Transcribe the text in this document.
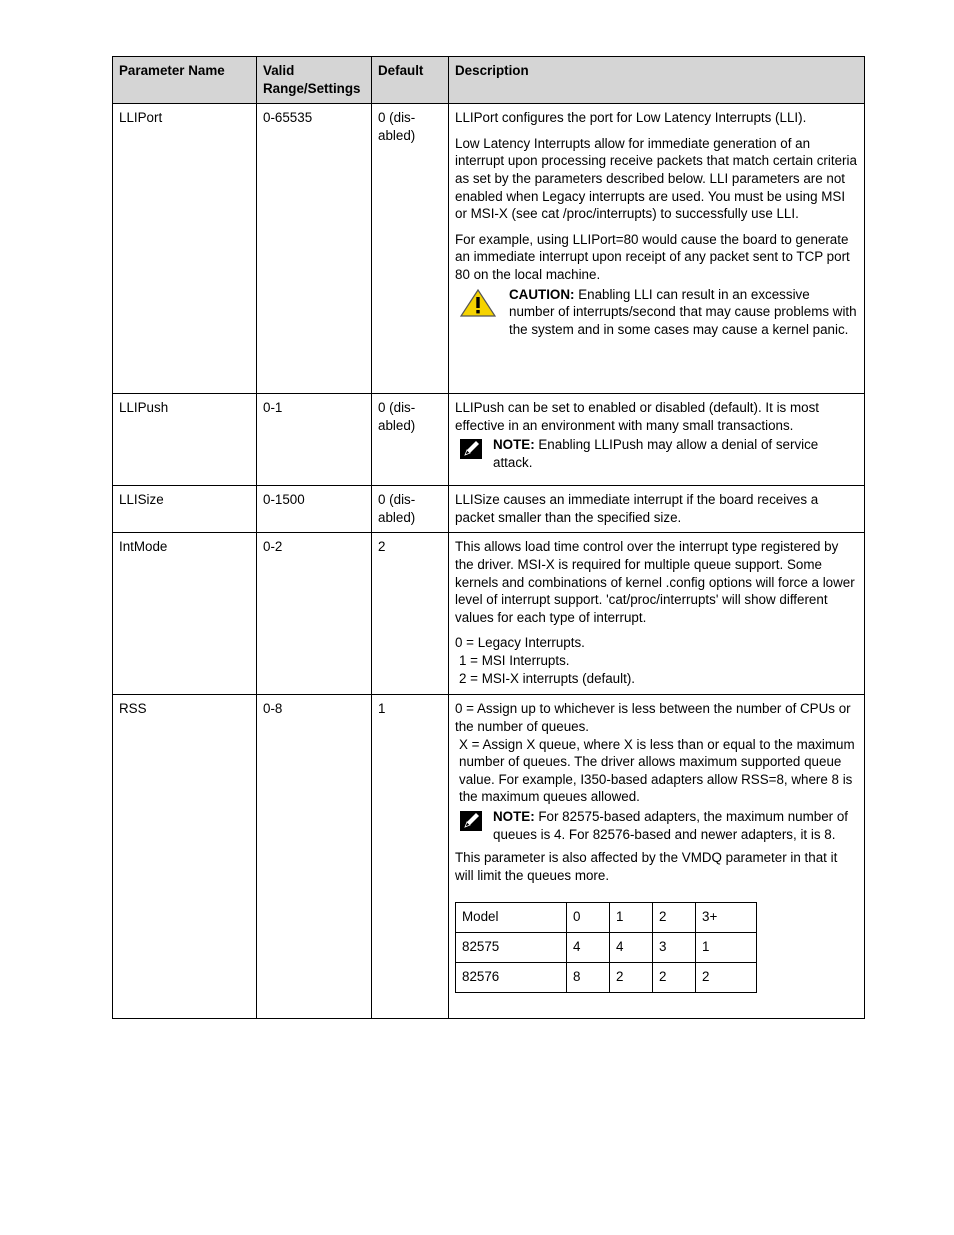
Parameter Name	Valid Range/Settings	Default	Description
LLIPort	0-65535	0 (dis-abled)	
LLIPort configures the port for Low Latency Interrupts (LLI).
Low Latency Interrupts allow for immediate generation of an interrupt upon processing receive packets that match certain criteria as set by the parameters described below. LLI parameters are not enabled when Legacy interrupts are used. You must be using MSI or MSI-X (see cat /proc/interrupts) to successfully use LLI.
For example, using LLIPort=80 would cause the board to generate an immediate interrupt upon receipt of any packet sent to TCP port 80 on the local machine.
CAUTION: Enabling LLI can result in an excessive number of interrupts/second that may cause problems with the system and in some cases may cause a kernel panic.

LLIPush	0-1	0 (dis-abled)	
LLIPush can be set to enabled or disabled (default). It is most effective in an environment with many small transactions.
NOTE: Enabling LLIPush may allow a denial of service attack.

LLISize	0-1500	0 (dis-abled)	
LLISize causes an immediate interrupt if the board receives a packet smaller than the specified size.

IntMode	0-2	2	This allows load time control over the interrupt type registered by the driver. MSI-X is required for multiple queue support. Some kernels and combinations of kernel .config options will force a lower level of interrupt support. 'cat/proc/interrupts' will show different values for each type of interrupt.
0 = Legacy Interrupts.
1 = MSI Interrupts.
2 = MSI-X interrupts (default).

RSS	0-8	1	0 = Assign up to whichever is less between the number of CPUs or the number of queues.
X = Assign X queue, where X is less than or equal to the maximum number of queues. The driver allows maximum supported queue value. For example, I350-based adapters allow RSS=8, where 8 is the maximum queues allowed.
NOTE: For 82575-based adapters, the maximum number of queues is 4. For 82576-based and newer adapters, it is 8.
This parameter is also affected by the VMDQ parameter in that it will limit the queues more.
Model	0	1	2	3+
82575	4	4	3	1
82576	8	2	2	2
